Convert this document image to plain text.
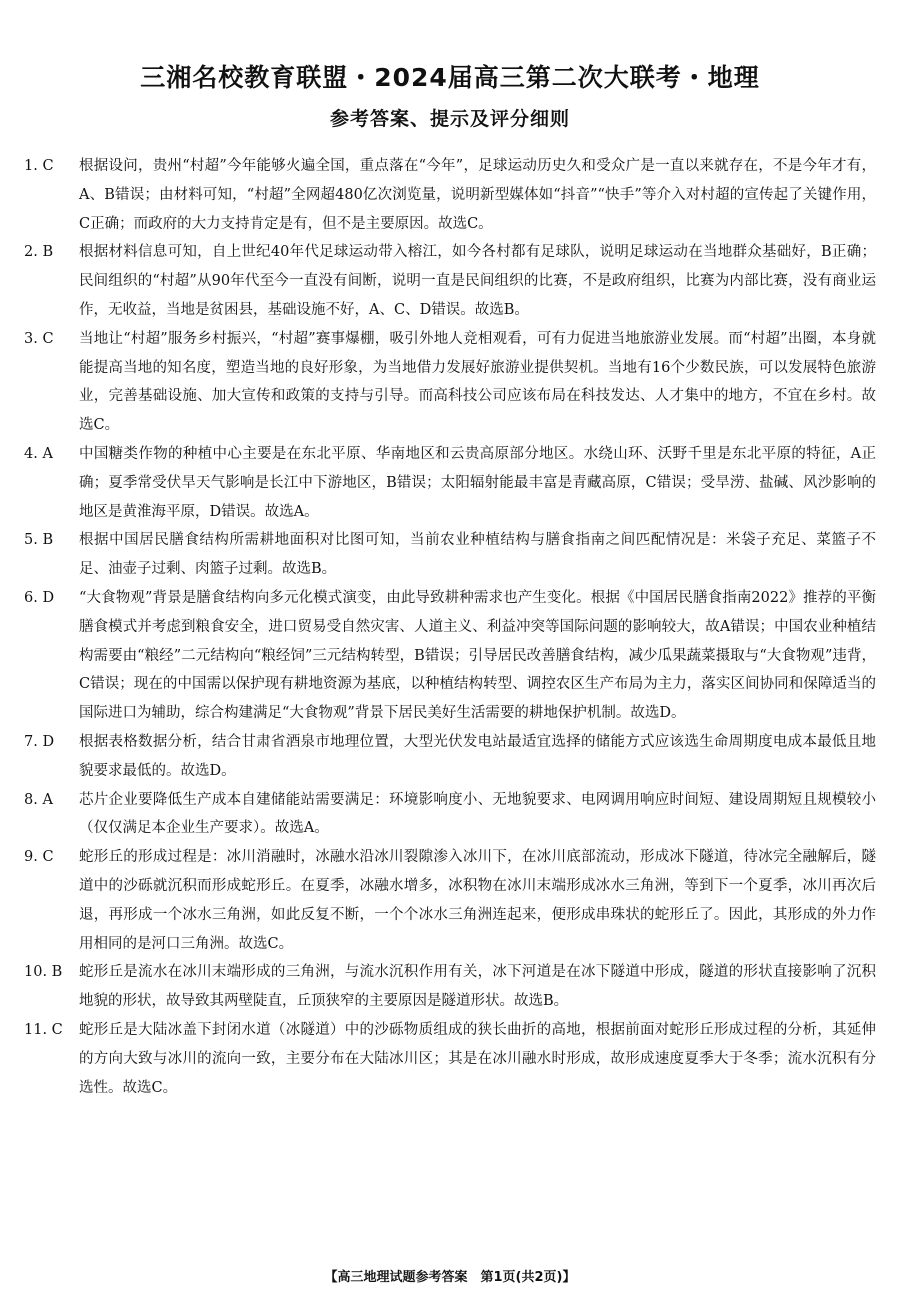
三湘名校教育联盟・2024届高三第二次大联考・地理
参考答案、提示及评分细则
1. C	根据设问，贵州“村超”今年能够火遍全国，重点落在“今年”，足球运动历史久和受众广是一直以来就存在，不是今年才有，A、B错误；由材料可知，“村超”全网超480亿次浏览量，说明新型媒体如“抖音”“快手”等介入对村超的宣传起了关键作用，C正确；而政府的大力支持肯定是有，但不是主要原因。故选C。
2. B	根据材料信息可知，自上世纪40年代足球运动带入榕江，如今各村都有足球队，说明足球运动在当地群众基础好，B正确；民间组织的“村超”从90年代至今一直没有间断，说明一直是民间组织的比赛，不是政府组织，比赛为内部比赛，没有商业运作，无收益，当地是贫困县，基础设施不好，A、C、D错误。故选B。
3. C	当地让“村超”服务乡村振兴，“村超”赛事爆棚，吸引外地人竞相观看，可有力促进当地旅游业发展。而“村超”出圈，本身就能提高当地的知名度，塑造当地的良好形象，为当地借力发展好旅游业提供契机。当地有16个少数民族，可以发展特色旅游业，完善基础设施、加大宣传和政策的支持与引导。而高科技公司应该布局在科技发达、人才集中的地方，不宜在乡村。故选C。
4. A	中国糖类作物的种植中心主要是在东北平原、华南地区和云贵高原部分地区。水绕山环、沃野千里是东北平原的特征，A正确；夏季常受伏旱天气影响是长江中下游地区，B错误；太阳辐射能最丰富是青藏高原，C错误；受旱涝、盐碱、风沙影响的地区是黄淮海平原，D错误。故选A。
5. B	根据中国居民膳食结构所需耕地面积对比图可知，当前农业种植结构与膳食指南之间匹配情况是：米袋子充足、菜篮子不足、油壶子过剩、肉篮子过剩。故选B。
6. D	“大食物观”背景是膳食结构向多元化模式演变，由此导致耕种需求也产生变化。根据《中国居民膳食指南2022》推荐的平衡膳食模式并考虑到粮食安全，进口贸易受自然灾害、人道主义、利益冲突等国际问题的影响较大，故A错误；中国农业种植结构需要由“粮经”二元结构向“粮经饲”三元结构转型，B错误；引导居民改善膳食结构，减少瓜果蔬菜摄取与“大食物观”违背，C错误；现在的中国需以保护现有耕地资源为基底，以种植结构转型、调控农区生产布局为主力，落实区间协同和保障适当的国际进口为辅助，综合构建满足“大食物观”背景下居民美好生活需要的耕地保护机制。故选D。
7. D	根据表格数据分析，结合甘肃省酒泉市地理位置，大型光伏发电站最适宜选择的储能方式应该选生命周期度电成本最低且地貌要求最低的。故选D。
8. A	芯片企业要降低生产成本自建储能站需要满足：环境影响度小、无地貌要求、电网调用响应时间短、建设周期短且规模较小（仅仅满足本企业生产要求）。故选A。
9. C	蛇形丘的形成过程是：冰川消融时，冰融水沿冰川裂隙渗入冰川下，在冰川底部流动，形成冰下隧道，待冰完全融解后，隧道中的沙砾就沉积而形成蛇形丘。在夏季，冰融水增多，冰积物在冰川末端形成冰水三角洲，等到下一个夏季，冰川再次后退，再形成一个冰水三角洲，如此反复不断，一个个冰水三角洲连起来，便形成串珠状的蛇形丘了。因此，其形成的外力作用相同的是河口三角洲。故选C。
10. B	蛇形丘是流水在冰川末端形成的三角洲，与流水沉积作用有关，冰下河道是在冰下隧道中形成，隧道的形状直接影响了沉积地貌的形状，故导致其两壁陡直，丘顶狭窄的主要原因是隧道形状。故选B。
11. C	蛇形丘是大陆冰盖下封闭水道（冰隧道）中的沙砾物质组成的狭长曲折的高地，根据前面对蛇形丘形成过程的分析，其延伸的方向大致与冰川的流向一致，主要分布在大陆冰川区；其是在冰川融水时形成，故形成速度夏季大于冬季；流水沉积有分选性。故选C。
【高三地理试题参考答案　第1页(共2页)】
